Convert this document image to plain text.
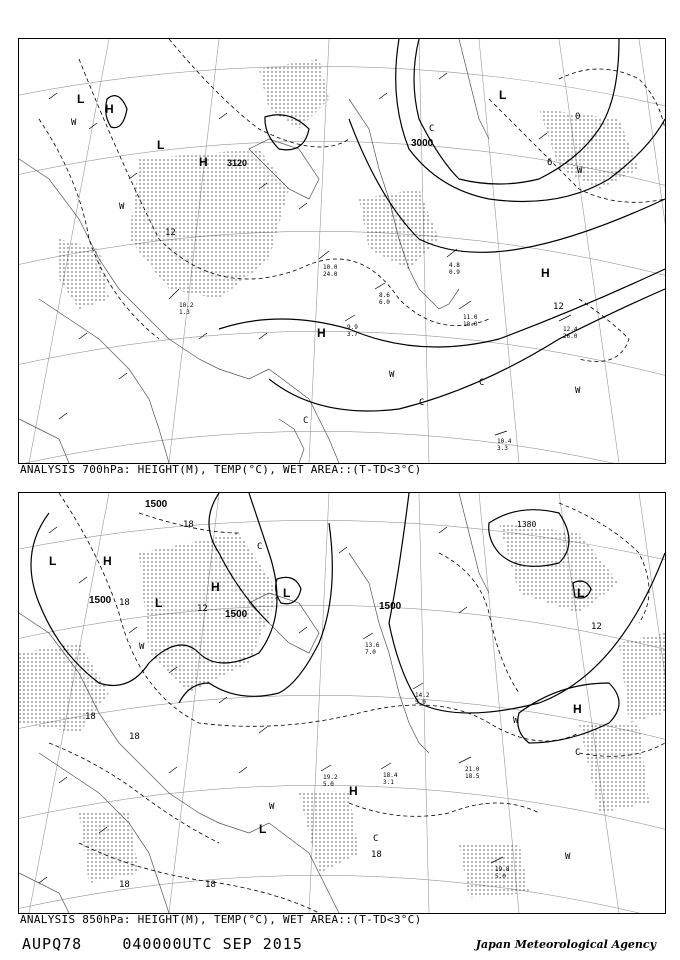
3000
3120
H
H
H
H
L
L
L
W
W
W
W
W
C
C
C
C
12
6
0
12
10.2
1.3
11.0
18.0
12.4
26.0
10.4
3.3
8.6
6.0
10.0
24.0
4.8
0.9
9.9
3.7
ANALYSIS 700hPa: HEIGHT(M), TEMP(°C), WET AREA::(T-TD<3°C)
1500
1500
1500
1500
1380
H
H
H
H
L
L
L	L
L
W
W
W
W
C
C
C
18
18
12
18
18
18
18	18
12
19.8
5.0
21.0
18.5
19.2
5.0
18.4
3.1
14.2
5.0
13.6
7.0
ANALYSIS 850hPa: HEIGHT(M), TEMP(°C), WET AREA::(T-TD<3°C)
AUPQ78	040000UTC SEP 2015	Japan Meteorological Agency
